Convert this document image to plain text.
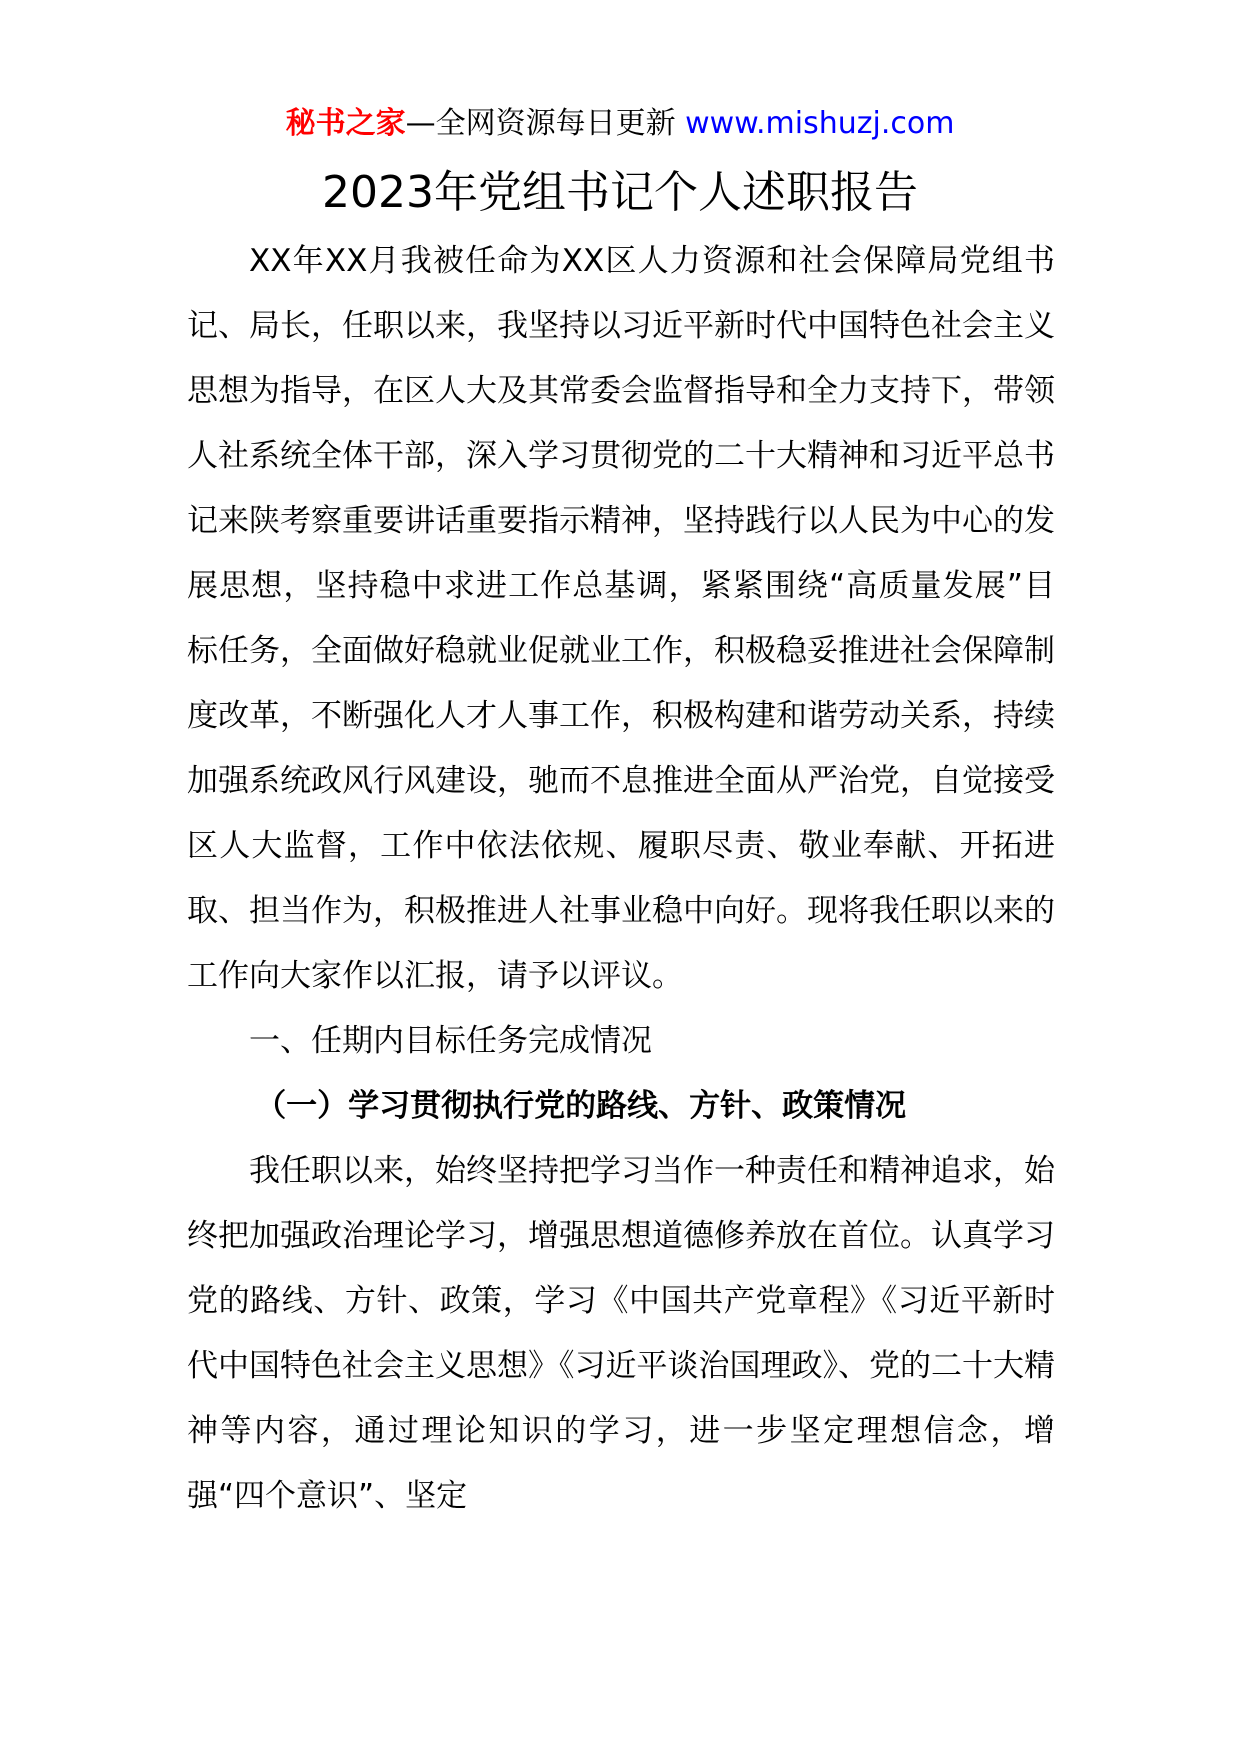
秘书之家—全网资源每日更新 www.mishuzj.com
2023年党组书记个人述职报告

XX年XX月我被任命为XX区人力资源和社会保障局党组书记、局长，任职以来，我坚持以习近平新时代中国特色社会主义思想为指导，在区人大及其常委会监督指导和全力支持下，带领人社系统全体干部，深入学习贯彻党的二十大精神和习近平总书记来陕考察重要讲话重要指示精神，坚持践行以人民为中心的发展思想，坚持稳中求进工作总基调，紧紧围绕“高质量发展”目标任务，全面做好稳就业促就业工作，积极稳妥推进社会保障制度改革，不断强化人才人事工作，积极构建和谐劳动关系，持续加强系统政风行风建设，驰而不息推进全面从严治党，自觉接受区人大监督，工作中依法依规、履职尽责、敬业奉献、开拓进取、担当作为，积极推进人社事业稳中向好。现将我任职以来的工作向大家作以汇报，请予以评议。

一、任期内目标任务完成情况

（一）学习贯彻执行党的路线、方针、政策情况

我任职以来，始终坚持把学习当作一种责任和精神追求，始终把加强政治理论学习，增强思想道德修养放在首位。认真学习党的路线、方针、政策，学习《中国共产党章程》《习近平新时代中国特色社会主义思想》《习近平谈治国理政》、党的二十大精神等内容，通过理论知识的学习，进一步坚定理想信念，增强“四个意识”、坚定
